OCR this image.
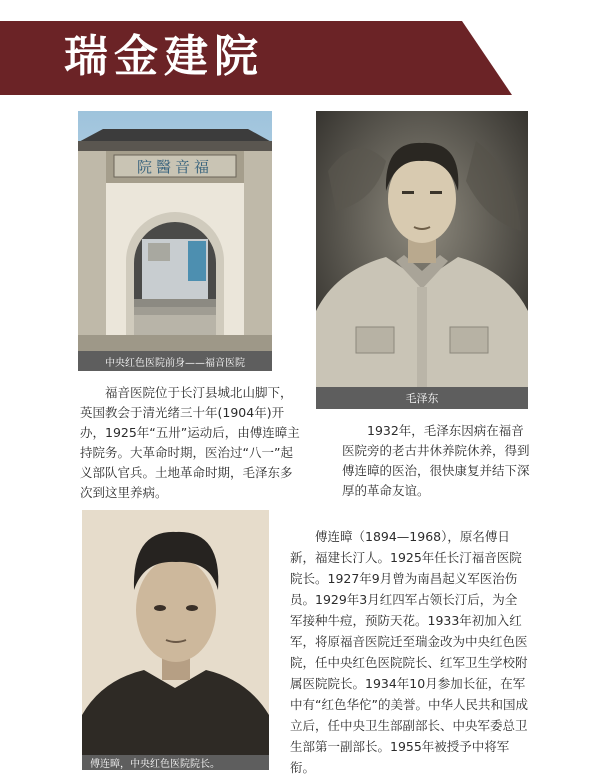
瑞金建院
院醫音福
中央红色医院前身——福音医院
毛泽东
傅连暲，中央红色医院院长。

福音医院位于长汀县城北山脚下，英国教会于清光绪三十年(1904年)开办，1925年“五卅”运动后，由傅连暲主持院务。大革命时期，医治过“八一”起义部队官兵。土地革命时期，毛泽东多次到这里养病。

1932年，毛泽东因病在福音医院旁的老古井休养院休养，得到傅连暲的医治，很快康复并结下深厚的革命友谊。

傅连暲（1894—1968），原名傅日新，福建长汀人。1925年任长汀福音医院院长。1927年9月曾为南昌起义军医治伤员。1929年3月红四军占领长汀后，为全军接种牛痘，预防天花。1933年初加入红军，将原福音医院迁至瑞金改为中央红色医院，任中央红色医院院长、红军卫生学校附属医院院长。1934年10月参加长征，在军中有“红色华佗”的美誉。中华人民共和国成立后，任中央卫生部副部长、中央军委总卫生部第一副部长。1955年被授予中将军衔。
